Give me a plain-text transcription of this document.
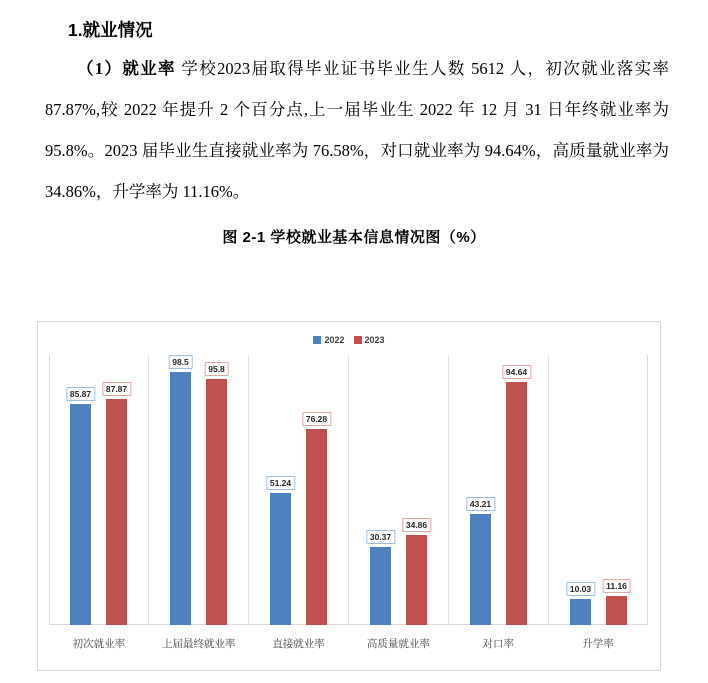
1.就业情况

（1）就业率 学校2023届取得毕业证书毕业生人数 5612 人，初次就业落实率 87.87%,较 2022 年提升 2 个百分点,上一届毕业生 2022 年 12 月 31 日年终就业率为 95.8%。2023 届毕业生直接就业率为 76.58%，对口就业率为 94.64%，高质量就业率为 34.86%，升学率为 11.16%。

图 2-1 学校就业基本信息情况图（%）
2022 2023
85.87
87.87
98.5
95.8
51.24
76.28
30.37
34.86
43.21
94.64
10.03	11.16
初次就业率	上届最终就业率	直接就业率	高质量就业率	对口率	升学率
